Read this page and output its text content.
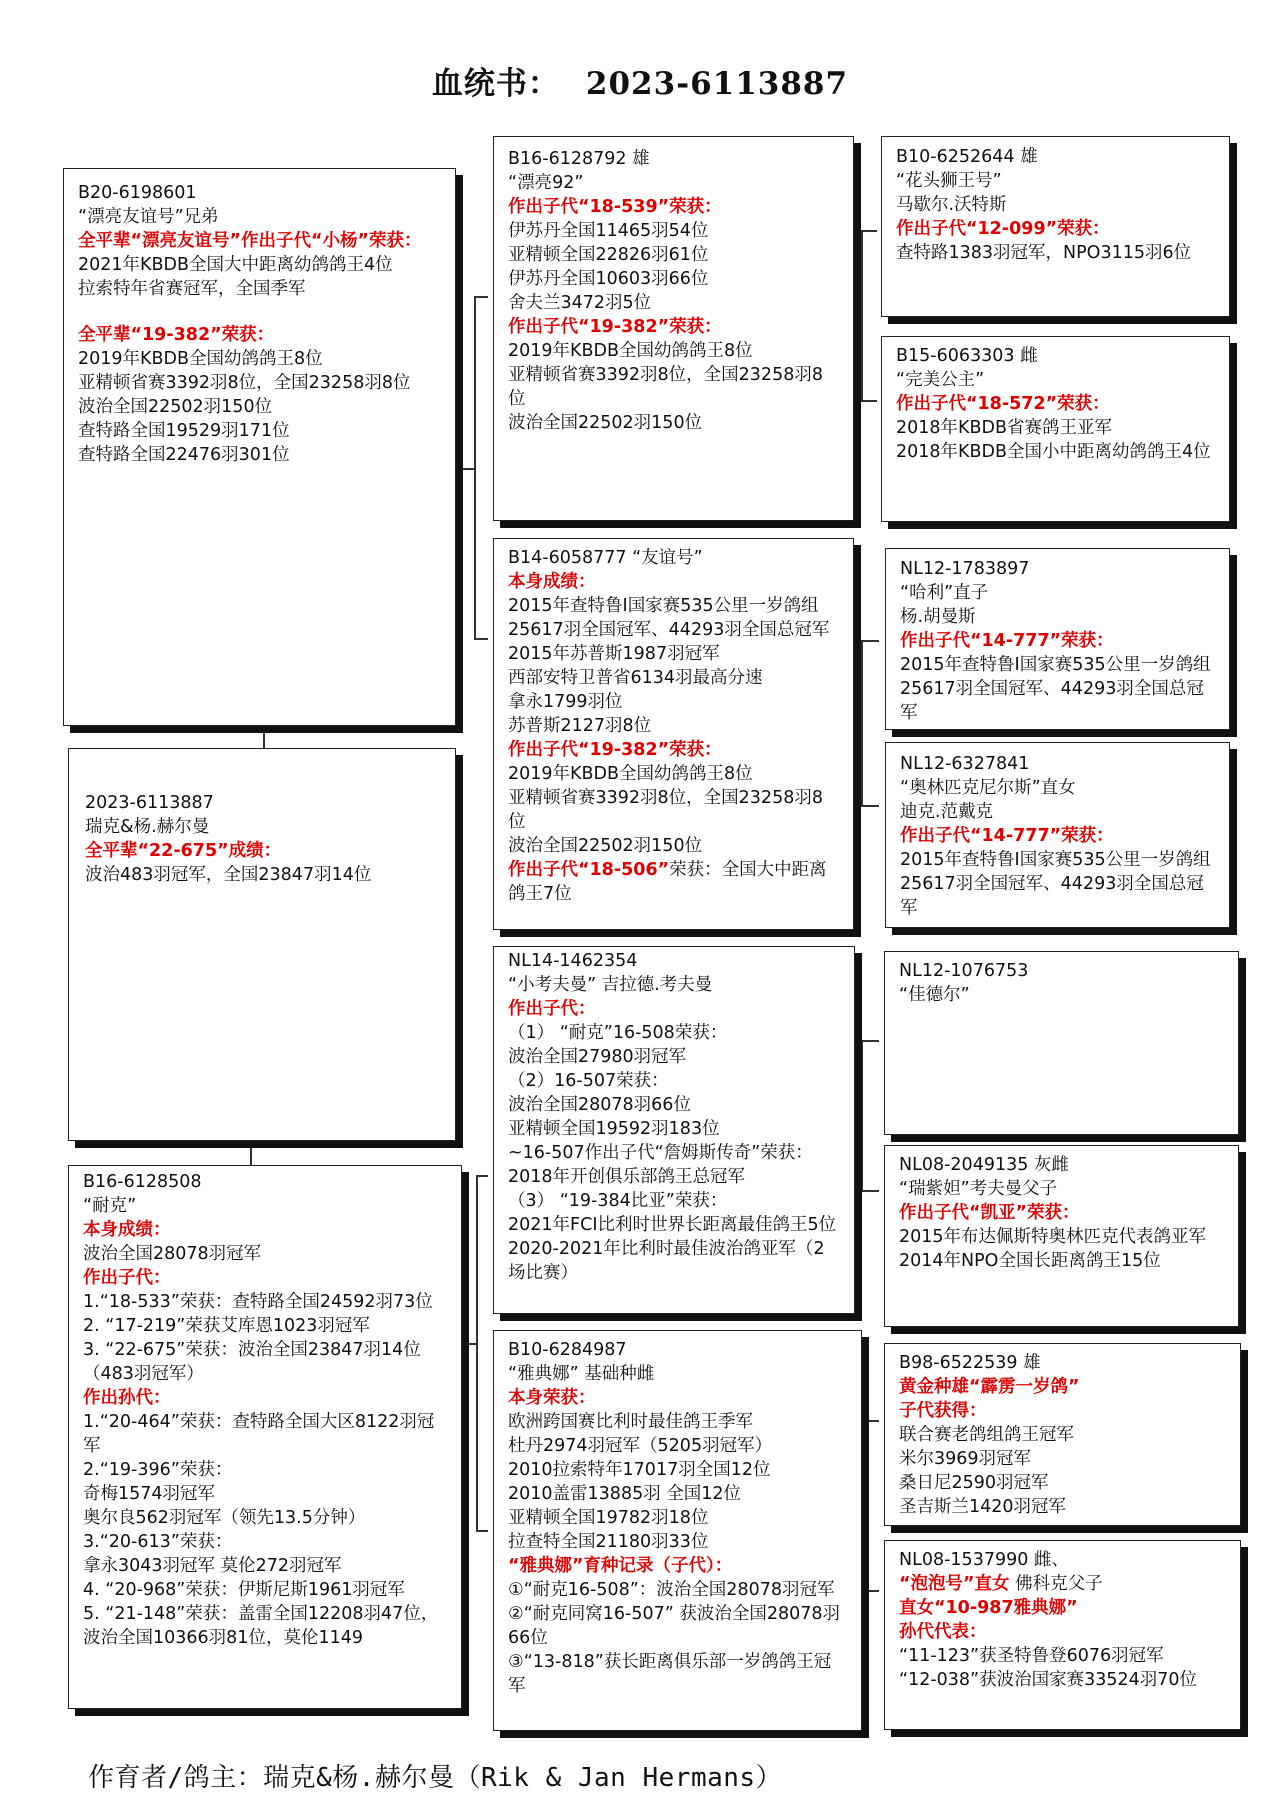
血统书： 2023-6113887
B20-6198601
“漂亮友谊号”兄弟
全平辈“漂亮友谊号”作出子代“小杨”荣获：
2021年KBDB全国大中距离幼鸽鸽王4位
拉索特年省赛冠军，全国季军
全平辈“19-382”荣获：
2019年KBDB全国幼鸽鸽王8位
亚精顿省赛3392羽8位，全国23258羽8位
波治全国22502羽150位
查特路全国19529羽171位
查特路全国22476羽301位
2023-6113887
瑞克&杨.赫尔曼
全平辈“22-675”成绩：
波治483羽冠军，全国23847羽14位
B16-6128508
“耐克”
本身成绩：
波治全国28078羽冠军
作出子代：
1.“18-533”荣获：查特路全国24592羽73位
2. “17-219”荣获艾库恩1023羽冠军
3. “22-675”荣获：波治全国23847羽14位（483羽冠军）
作出孙代：
1.“20-464”荣获：查特路全国大区8122羽冠军
2.“19-396”荣获：
奇梅1574羽冠军
奥尔良562羽冠军（领先13.5分钟）
3.“20-613”荣获：
拿永3043羽冠军 莫伦272羽冠军
4. “20-968”荣获：伊斯尼斯1961羽冠军
5. “21-148”荣获：盖雷全国12208羽47位，波治全国10366羽81位，莫伦1149
B16-6128792 雄
“漂亮92”
作出子代“18-539”荣获：
伊苏丹全国11465羽54位
亚精顿全国22826羽61位
伊苏丹全国10603羽66位
舍夫兰3472羽5位
作出子代“19-382”荣获：
2019年KBDB全国幼鸽鸽王8位
亚精顿省赛3392羽8位，全国23258羽8位
波治全国22502羽150位
B14-6058777 “友谊号”
本身成绩：
2015年查特鲁I国家赛535公里一岁鸽组25617羽全国冠军、44293羽全国总冠军
2015年苏普斯1987羽冠军
西部安特卫普省6134羽最高分速
拿永1799羽位
苏普斯2127羽8位
作出子代“19-382”荣获：
2019年KBDB全国幼鸽鸽王8位
亚精顿省赛3392羽8位，全国23258羽8位
波治全国22502羽150位
作出子代“18-506”荣获：全国大中距离鸽王7位
NL14-1462354
“小考夫曼” 吉拉德.考夫曼
作出子代：
（1） “耐克”16-508荣获：
波治全国27980羽冠军
（2）16-507荣获：
波治全国28078羽66位
亚精顿全国19592羽183位
~16-507作出子代“詹姆斯传奇”荣获：2018年开创俱乐部鸽王总冠军
（3） “19-384比亚”荣获：
2021年FCI比利时世界长距离最佳鸽王5位
2020-2021年比利时最佳波治鸽亚军（2场比赛）
B10-6284987
“雅典娜” 基础种雌
本身荣获：
欧洲跨国赛比利时最佳鸽王季军
杜丹2974羽冠军（5205羽冠军）
2010拉索特年17017羽全国12位
2010盖雷13885羽 全国12位
亚精顿全国19782羽18位
拉查特全国21180羽33位
“雅典娜”育种记录（子代）：
①“耐克16-508”：波治全国28078羽冠军
②“耐克同窝16-507” 获波治全国28078羽66位
③“13-818”获长距离俱乐部一岁鸽鸽王冠军
B10-6252644 雄
“花头狮王号”
马歇尔.沃特斯
作出子代“12-099”荣获：
查特路1383羽冠军，NPO3115羽6位
B15-6063303 雌
“完美公主”
作出子代“18-572”荣获：
2018年KBDB省赛鸽王亚军
2018年KBDB全国小中距离幼鸽鸽王4位
NL12-1783897
“哈利”直子
杨.胡曼斯
作出子代“14-777”荣获：
2015年查特鲁I国家赛535公里一岁鸽组25617羽全国冠军、44293羽全国总冠军
NL12-6327841
“奥林匹克尼尔斯”直女
迪克.范戴克
作出子代“14-777”荣获：
2015年查特鲁I国家赛535公里一岁鸽组25617羽全国冠军、44293羽全国总冠军
NL12-1076753
“佳德尔”
NL08-2049135 灰雌
“瑞紫妲”考夫曼父子
作出子代“凯亚”荣获：
2015年布达佩斯特奥林匹克代表鸽亚军
2014年NPO全国长距离鸽王15位
B98-6522539 雄
黄金种雄“霹雳一岁鸽”
子代获得：
联合赛老鸽组鸽王冠军
米尔3969羽冠军
桑日尼2590羽冠军
圣吉斯兰1420羽冠军
NL08-1537990 雌、
“泡泡号”直女 佛科克父子
直女“10-987雅典娜”
孙代代表：
“11-123”获圣特鲁登6076羽冠军
“12-038”获波治国家赛33524羽70位
作育者/鸽主：瑞克&杨.赫尔曼（Rik & Jan Hermans）
